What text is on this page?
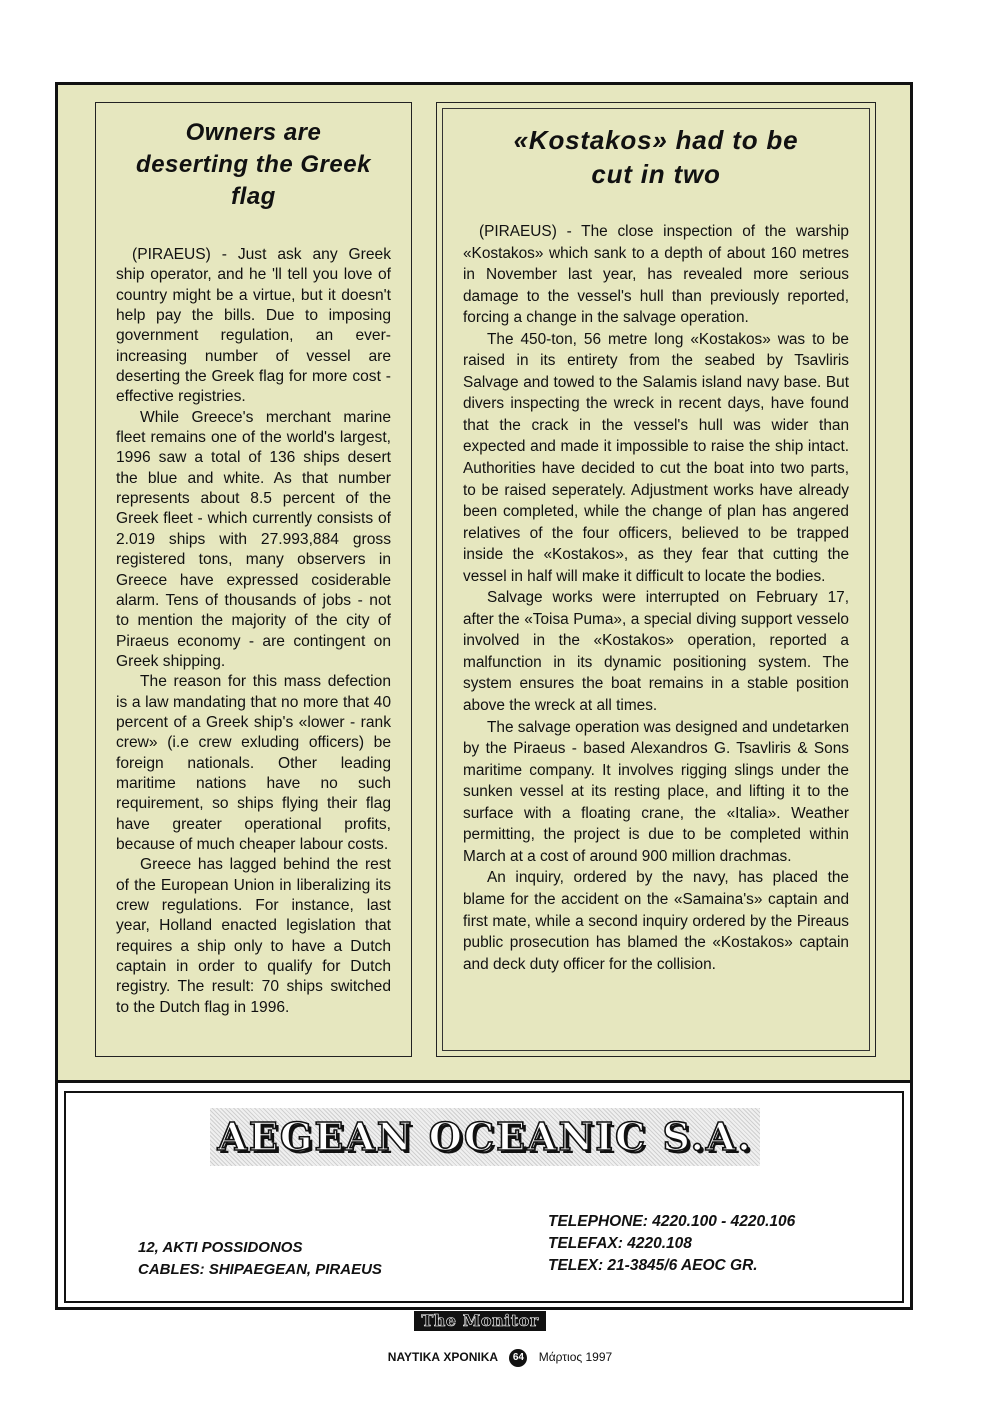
Owners are deserting the Greek flag

(PIRAEUS) - Just ask any Greek ship operator, and he 'll tell you love of country might be a virtue, but it doesn't help pay the bills. Due to imposing government regulation, an ever-increasing number of vessel are deserting the Greek flag for more cost - effective registries.

While Greece's merchant marine fleet remains one of the world's largest, 1996 saw a total of 136 ships desert the blue and white. As that number represents about 8.5 percent of the Greek fleet - which currently consists of 2.019 ships with 27.993,884 gross registered tons, many observers in Greece have expressed cosiderable alarm. Tens of thousands of jobs - not to mention the majority of the city of Piraeus economy - are contingent on Greek shipping.

The reason for this mass defection is a law mandating that no more that 40 percent of a Greek ship's «lower - rank crew» (i.e crew exluding officers) be foreign nationals. Other leading maritime nations have no such requirement, so ships flying their flag have greater operational profits, because of much cheaper labour costs.

Greece has lagged behind the rest of the European Union in liberalizing its crew regulations. For instance, last year, Holland enacted legislation that requires a ship only to have a Dutch captain in order to qualify for Dutch registry. The result: 70 ships switched to the Dutch flag in 1996.

«Kostakos» had to be cut in two

(PIRAEUS) - The close inspection of the warship «Kostakos» which sank to a depth of about 160 metres in November last year, has revealed more serious damage to the vessel's hull than previously reported, forcing a change in the salvage operation.

The 450-ton, 56 metre long «Kostakos» was to be raised in its entirety from the seabed by Tsavliris Salvage and towed to the Salamis island navy base. But divers inspecting the wreck in recent days, have found that the crack in the vessel's hull was wider than expected and made it impossible to raise the ship intact. Authorities have decided to cut the boat into two parts, to be raised seperately. Adjustment works have already been completed, while the change of plan has angered relatives of the four officers, believed to be trapped inside the «Kostakos», as they fear that cutting the vessel in half will make it difficult to locate the bodies.

Salvage works were interrupted on February 17, after the «Toisa Puma», a special diving support vesselo involved in the «Kostakos» operation, reported a malfunction in its dynamic positioning system. The system ensures the boat remains in a stable position above the wreck at all times.

The salvage operation was designed and undetarken by the Piraeus - based Alexandros G. Tsavliris & Sons maritime company. It involves rigging slings under the sunken vessel at its resting place, and lifting it to the surface with a floating crane, the «Italia». Weather permitting, the project is due to be completed within March at a cost of around 900 million drachmas.

An inquiry, ordered by the navy, has placed the blame for the accident on the «Samaina's» captain and first mate, while a second inquiry ordered by the Pireaus public prosecution has blamed the «Kostakos» captain and deck duty officer for the collision.

AEGEAN OCEANIC S.A.
12, AKTI POSSIDONOS
CABLES: SHIPAEGEAN, PIRAEUS
TELEPHONE: 4220.100 - 4220.106
TELEFAX: 4220.108
TELEX: 21-3845/6 AEOC GR.
The Monitor
ΝΑΥΤΙΚΑ ΧΡΟΝΙΚΑ 64 Μάρτιος 1997
